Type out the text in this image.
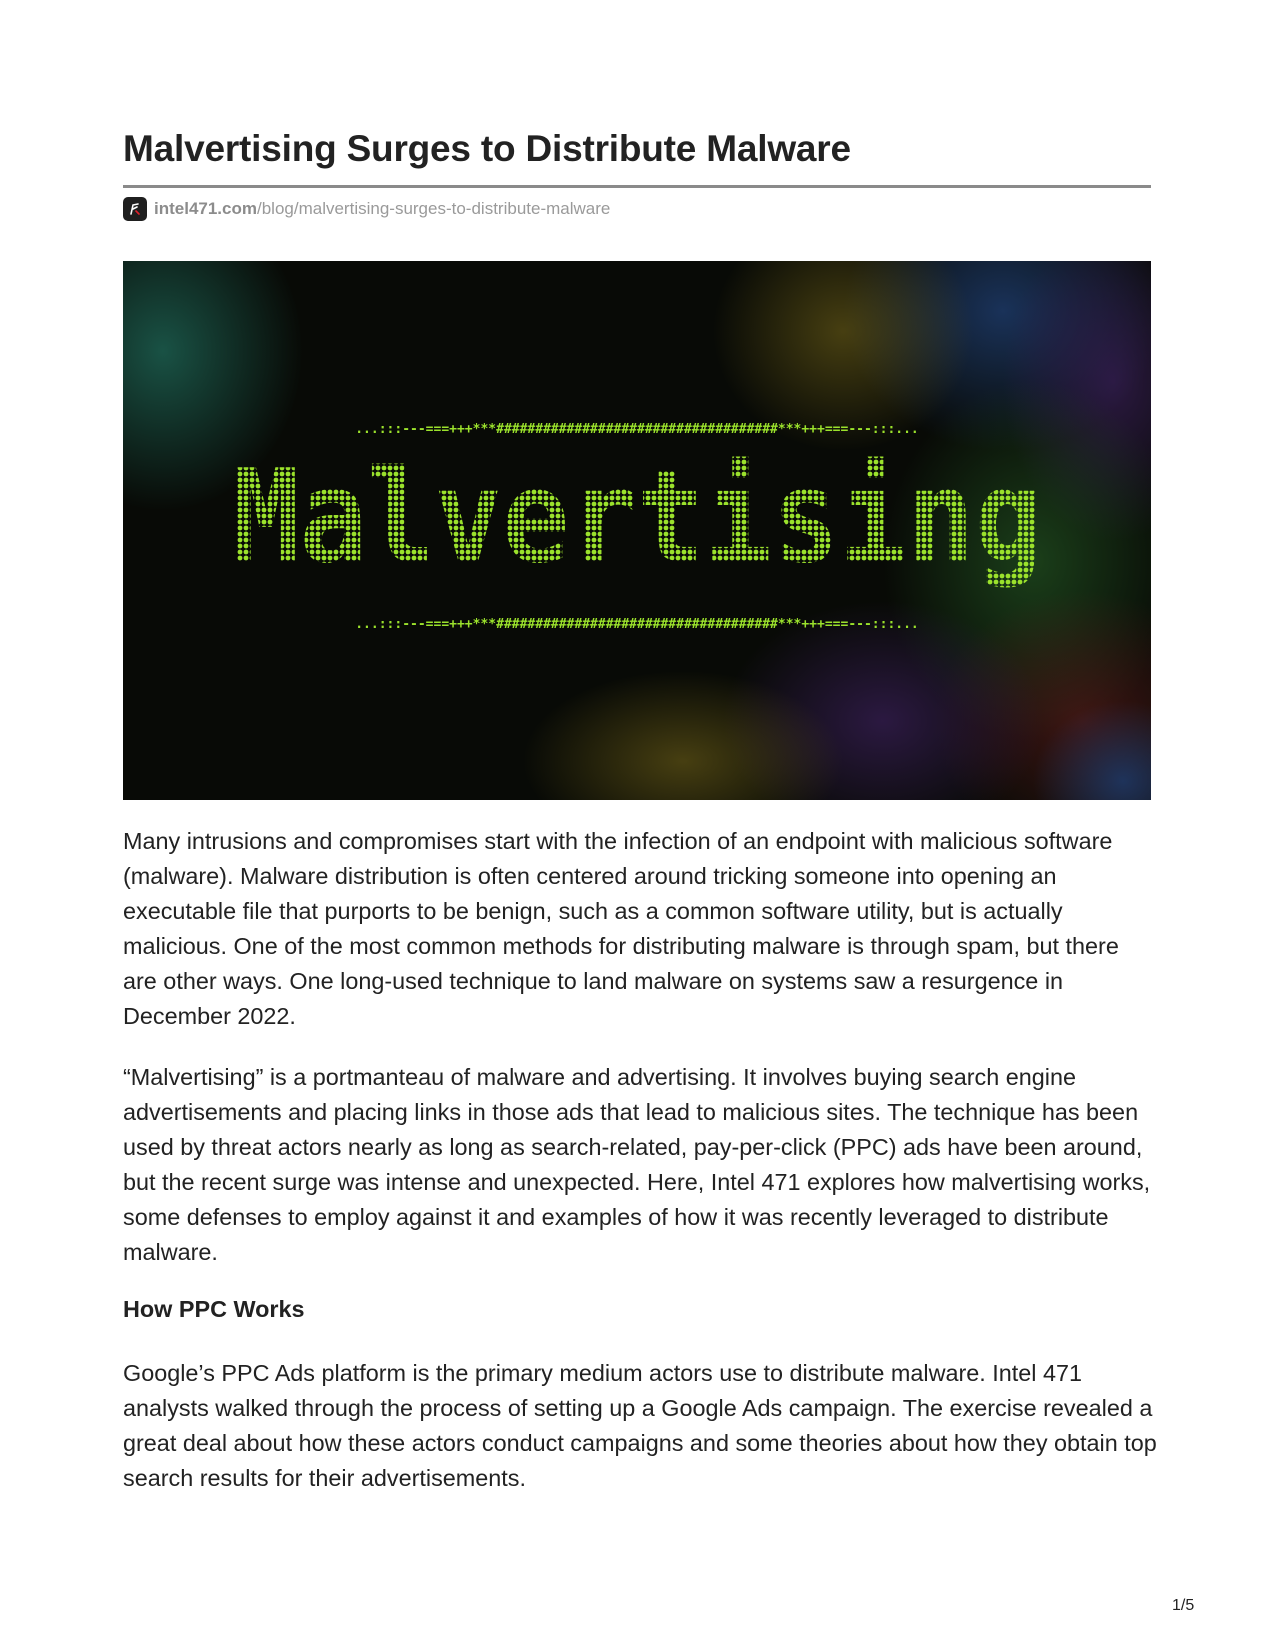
Malvertising Surges to Distribute Malware
intel471.com /blog/malvertising-surges-to-distribute-malware
...:::---===+++***####################################***+++===---:::...
Malvertising
...:::---===+++***####################################***+++===---:::...

Many intrusions and compromises start with the infection of an endpoint with malicious software (malware). Malware distribution is often centered around tricking someone into opening an executable file that purports to be benign, such as a common software utility, but is actually malicious. One of the most common methods for distributing malware is through spam, but there are other ways. One long-used technique to land malware on systems saw a resurgence in December 2022.

“Malvertising” is a portmanteau of malware and advertising. It involves buying search engine advertisements and placing links in those ads that lead to malicious sites. The technique has been used by threat actors nearly as long as search-related, pay-per-click (PPC) ads have been around, but the recent surge was intense and unexpected. Here, Intel 471 explores how malvertising works, some defenses to employ against it and examples of how it was recently leveraged to distribute malware.

How PPC Works

Google’s PPC Ads platform is the primary medium actors use to distribute malware. Intel 471 analysts walked through the process of setting up a Google Ads campaign. The exercise revealed a great deal about how these actors conduct campaigns and some theories about how they obtain top search results for their advertisements.

1/5
